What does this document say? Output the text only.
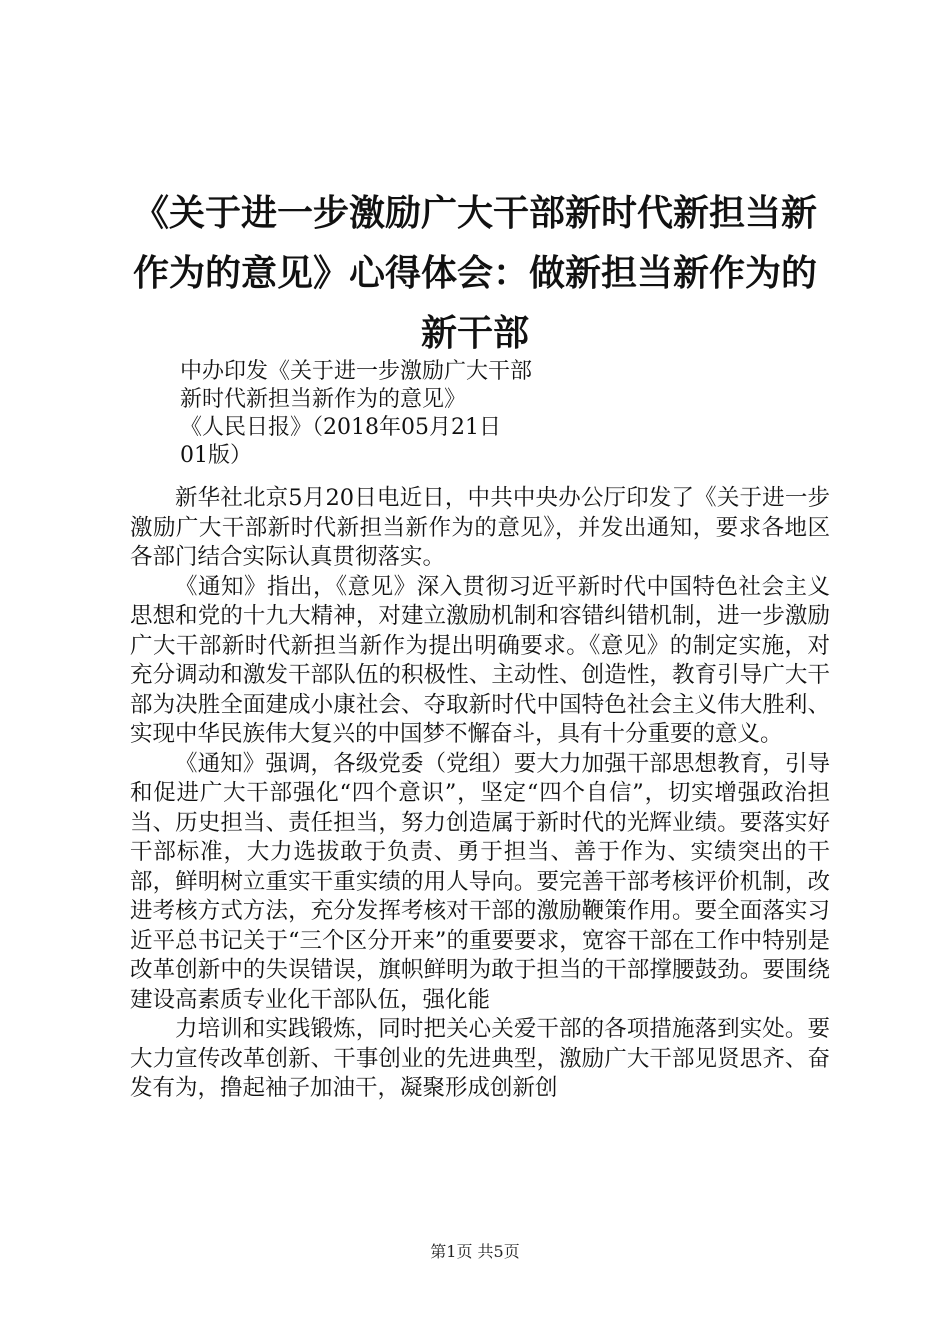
《关于进一步激励广大干部新时代新担当新作为的意见》心得体会：做新担当新作为的新干部
中办印发《关于进一步激励广大干部
新时代新担当新作为的意见》
《人民日报》（2018年05月21日
01版）

新华社北京5月20日电近日，中共中央办公厅印发了《关于进一步激励广大干部新时代新担当新作为的意见》，并发出通知，要求各地区各部门结合实际认真贯彻落实。

《通知》指出，《意见》深入贯彻习近平新时代中国特色社会主义思想和党的十九大精神，对建立激励机制和容错纠错机制，进一步激励广大干部新时代新担当新作为提出明确要求。《意见》的制定实施，对充分调动和激发干部队伍的积极性、主动性、创造性，教育引导广大干部为决胜全面建成小康社会、夺取新时代中国特色社会主义伟大胜利、实现中华民族伟大复兴的中国梦不懈奋斗，具有十分重要的意义。

《通知》强调，各级党委（党组）要大力加强干部思想教育，引导和促进广大干部强化“四个意识”，坚定“四个自信”，切实增强政治担当、历史担当、责任担当，努力创造属于新时代的光辉业绩。要落实好干部标准，大力选拔敢于负责、勇于担当、善于作为、实绩突出的干部，鲜明树立重实干重实绩的用人导向。要完善干部考核评价机制，改进考核方式方法，充分发挥考核对干部的激励鞭策作用。要全面落实习近平总书记关于“三个区分开来”的重要要求，宽容干部在工作中特别是改革创新中的失误错误，旗帜鲜明为敢于担当的干部撑腰鼓劲。要围绕建设高素质专业化干部队伍，强化能

力培训和实践锻炼，同时把关心关爱干部的各项措施落到实处。要大力宣传改革创新、干事创业的先进典型，激励广大干部见贤思齐、奋发有为，撸起袖子加油干，凝聚形成创新创

第1页 共5页
